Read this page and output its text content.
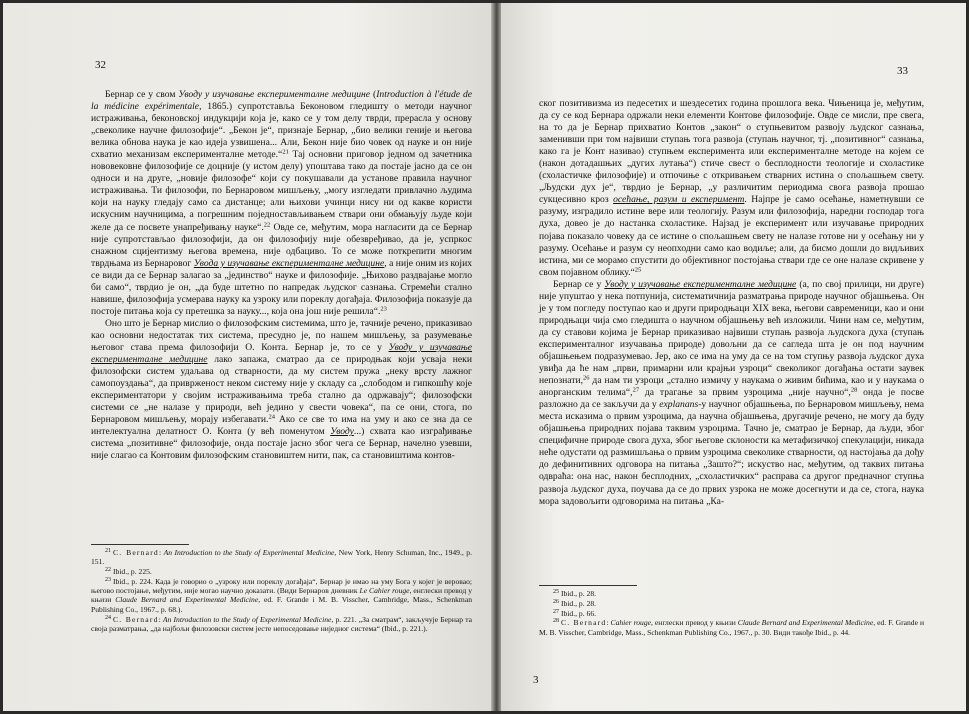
32

Бернар се у свом Уводу у изучавање експерименталне медицине (Introduction à l'étude de la médicine expérimentale, 1865.) супротставља Беконовом гледишту о методи научног истраживања, беконовској индукцији која је, како се у том делу тврди, прерасла у основу „свеколике научне филозофије“. „Бекон је“, признаје Бернар, „био велики геније и његова велика обнова наука је као идеја узвишена... Али, Бекон није био човек од науке и он није схватио механизам експерименталне методе.“$^{21}$ Тај основни приговор једном од зачетника нововековне филозофије се доцније (у истом делу) упоштава тако да постаје јасно да се он односи и на друге, „новије филозофе“ који су покушавали да установе правила научног истраживања. Ти филозофи, по Бернаровом мишљењу, „могу изгледати привлачно људима који на науку гледају само са дистанце; али њихови учинци нису ни од какве користи искусним научницима, а погрешним поједностављивањем ствари они обмањују људе који желе да се посвете унапређивању науке“.$^{22}$ Овде се, међутим, мора нагласити да се Бернар није супротстављао филозофији, да он филозофију није обезвређивао, да је, успркос снажном сцијентизму његова времена, није одбациво. То се може поткрепити многим тврдњама из Бернаровог Увода у изучавање експерименталне медицине, а није оним из којих се види да се Бернар залагао за „јединство“ науке и филозофије. „Њихово раздвајање могло би само“, тврдио је он, „да буде штетно по напредак људског сазнања. Стремећи стално навише, филозофија усмерава науку ка узроку или пореклу догађаја. Филозофија показује да постоје питања која су претешка за науку..., која она још није решила“.$^{23}$

Оно што је Бернар мислио о филозофским системима, што је, тачније речено, приказивао као основни недостатак тих система, пресудно је, по нашем мишљењу, за разумевање његовог става према филозофији О. Конта. Бернар је, то се у Уводу у изучавање експерименталне медицине лако запажа, сматрао да се природњак који усваја неки филозофски систем удаљава од стварности, да му систем пружа „неку врсту лажног самопоуздања“, да привржeност неком систему није у складу са „слободом и гипкошћу које експериментатори у својим истраживањима треба стално да одржавају“; филозофски системи се „не налазе у природи, већ једино у свести човека“, па се они, стога, по Бернаровом мишљењу, морају избегавати.$^{24}$ Ако се све то има на уму и ако се зна да се интелектуална делатност О. Конта (у већ поменутом Уводу...) схвата као изграђивање система „позитивне“ филозофије, онда постаје јасно због чега се Бернар, начелно узевши, није слагао са Контовим филозофским становиштем нити, пак, са становиштима контов-

$^{21}$ C. Bernard: An Introduction to the Study of Experimental Medicine, New York, Henry Schuman, Inc., 1949., p. 151.

$^{22}$ Ibid., p. 225.

$^{23}$ Ibid., p. 224. Када је говорио о „узроку или пореклу догађаја“, Бернар је имао на уму Бога у којег је вероваo; његово постојање, међутим, није могао научно доказати. (Види Бернаров дневник Le Cahier rouge, енглески превод у књизи Claude Bernard and Experimental Medicine, ed. F. Grande i M. B. Visscher, Cambridge, Mass., Schenkman Publishing Co., 1967., p. 68.).

$^{24}$ C. Bernard: An Introduction to the Study of Experimental Medicine, p. 221. „За сматрам“, закључује Бернар та своја разматрања, „да најбољи филозовски систем јесте непоседовање ниједног система“ (Ibid., p. 221.).

33

ског позитивизма из педесетих и шездесетих година прошлога века. Чињеница је, међутим, да су се код Бернара одржали неки елементи Контове филозофије. Овде се мисли, пре свега, на то да је Бернар прихватио Контов „закон“ о ступњевитом развоју људског сазнања, заменивши при том највиши ступањ тога развоја (ступањ научног, тј. „позитивног“ сазнања, како га је Конт називао) ступњем експеримента или експерименталне методе на којем се (након дотадашњих „дугих лутања“) стиче свест о бесплодности теологије и схоластике (схоластичке филозофије) и отпочиње с откривањем стварних истина о спољашњем свету. „Људски дух је“, тврдио је Бернар, „у различитим периодима свога развоја прошао сукцесивно кроз осећање, разум и експеримент. Најпре је само осећање, наметнувши се разуму, изградило истине вере или теологију. Разум или филозофија, наредни господар тога духа, довео је до настанка схоластике. Најзад је експеримент или изучавање природних појава показало човеку да се истине о спољашњем свету не налазе готове ни у осећању ни у разуму. Осећање и разум су неопходни само као водиље; али, да бисмо дошли до видљивих истина, ми се морамо спустити до објективног постојања ствари где се оне налазе скривене у свом појавном облику.“$^{25}$

Бернар се у Уводу у изучавање експерименталне медицине (а, по свој прилици, ни друге) није упуштао у нека потпунија, систематичнија разматрања природе научног објашњења. Он је у том погледу поступао као и други природњаци XIX века, његови савременици, као и они природњаци чија смо гледишта о научном објашњењу већ изложили. Чини нам се, међутим, да су ставови којима је Бернар приказивао највиши ступањ развоја људскога духа (ступањ експерименталног изучавања природе) довољни да се сагледа шта је он под научним објашњењем подразумевао. Јер, ако се има на уму да се на том ступњу развоја људског духа увиђа да ће нам „први, примарни или крајњи узроци“ свеколиког догађања остати заувек непознати,$^{26}$ да нам ти узроци „стално измичу у наукама о живим бићима, као и у наукама о анорганским телима“,$^{27}$ да трагање за првим узроцима „није научно“,$^{28}$ онда је посве разложно да се закључи да у explanans-у научног објашњења, по Бернаровом мишљењу, нема места исказима о првим узроцима, да научна објашњења, другачије речено, не могу да буду објашњења природних појава таквим узроцима. Тачно је, сматрао је Бернар, да људи, због специфичне природе свога духа, због његове склоности ка метафизичкој спекулацији, никада неће одустати од размишљања о првим узроцима свеколике стварности, од настојања да дођу до дефинитивних одговора на питања „Зашто?“; искуство нас, међутим, од таквих питања одвраћа: она нас, након бесплодних, „схоластичких“ расправа са другог предначног ступња развоја људског духа, поучава да се до првих узрока не може досегнути и да се, стога, наука мора задовољити одговорима на питања „Ка-

$^{25}$ Ibid., p. 28.

$^{26}$ Ibid., p. 28.

$^{27}$ Ibid., p. 66.

$^{28}$ C. Bernard: Cahier rouge, енглески превод у књизи Claude Bernard and Experimental Medicine, ed. F. Grande и M. B. Visscher, Cambridge, Mass., Schenkman Publishing Co., 1967., p. 30. Види такође Ibid., p. 44.

3
